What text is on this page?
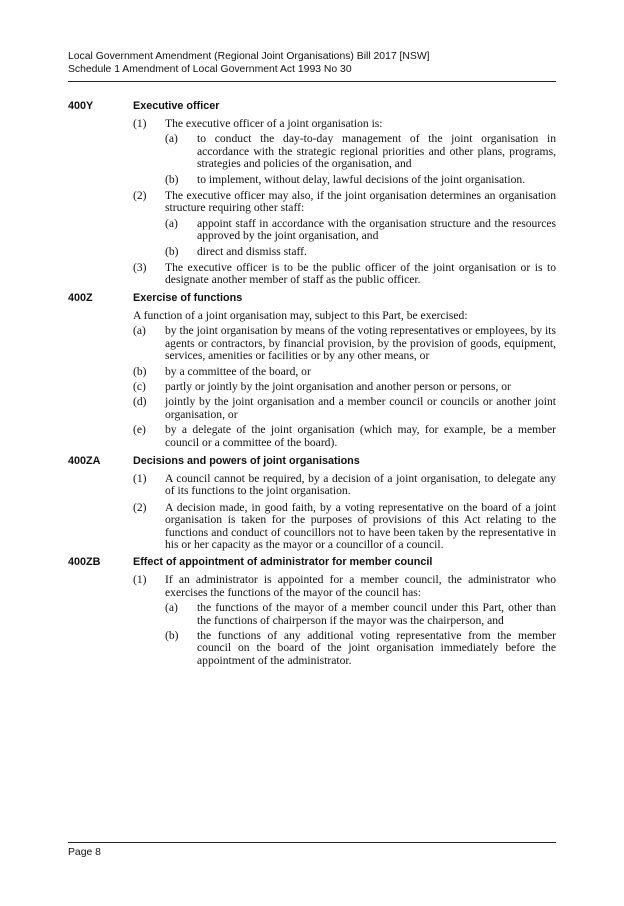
Local Government Amendment (Regional Joint Organisations) Bill 2017 [NSW]
Schedule 1 Amendment of Local Government Act 1993 No 30
400Y	Executive officer
(1)	The executive officer of a joint organisation is:
(a)	to conduct the day-to-day management of the joint organisation in accordance with the strategic regional priorities and other plans, programs, strategies and policies of the organisation, and
(b)	to implement, without delay, lawful decisions of the joint organisation.
(2)	The executive officer may also, if the joint organisation determines an organisation structure requiring other staff:
(a)	appoint staff in accordance with the organisation structure and the resources approved by the joint organisation, and
(b)	direct and dismiss staff.
(3)	The executive officer is to be the public officer of the joint organisation or is to designate another member of staff as the public officer.
400Z	Exercise of functions
A function of a joint organisation may, subject to this Part, be exercised:
(a)	by the joint organisation by means of the voting representatives or employees, by its agents or contractors, by financial provision, by the provision of goods, equipment, services, amenities or facilities or by any other means, or
(b)	by a committee of the board, or
(c)	partly or jointly by the joint organisation and another person or persons, or
(d)	jointly by the joint organisation and a member council or councils or another joint organisation, or
(e)	by a delegate of the joint organisation (which may, for example, be a member council or a committee of the board).
400ZA	Decisions and powers of joint organisations
(1)	A council cannot be required, by a decision of a joint organisation, to delegate any of its functions to the joint organisation.
(2)	A decision made, in good faith, by a voting representative on the board of a joint organisation is taken for the purposes of provisions of this Act relating to the functions and conduct of councillors not to have been taken by the representative in his or her capacity as the mayor or a councillor of a council.
400ZB	Effect of appointment of administrator for member council
(1)	If an administrator is appointed for a member council, the administrator who exercises the functions of the mayor of the council has:
(a)	the functions of the mayor of a member council under this Part, other than the functions of chairperson if the mayor was the chairperson, and
(b)	the functions of any additional voting representative from the member council on the board of the joint organisation immediately before the appointment of the administrator.
Page 8
